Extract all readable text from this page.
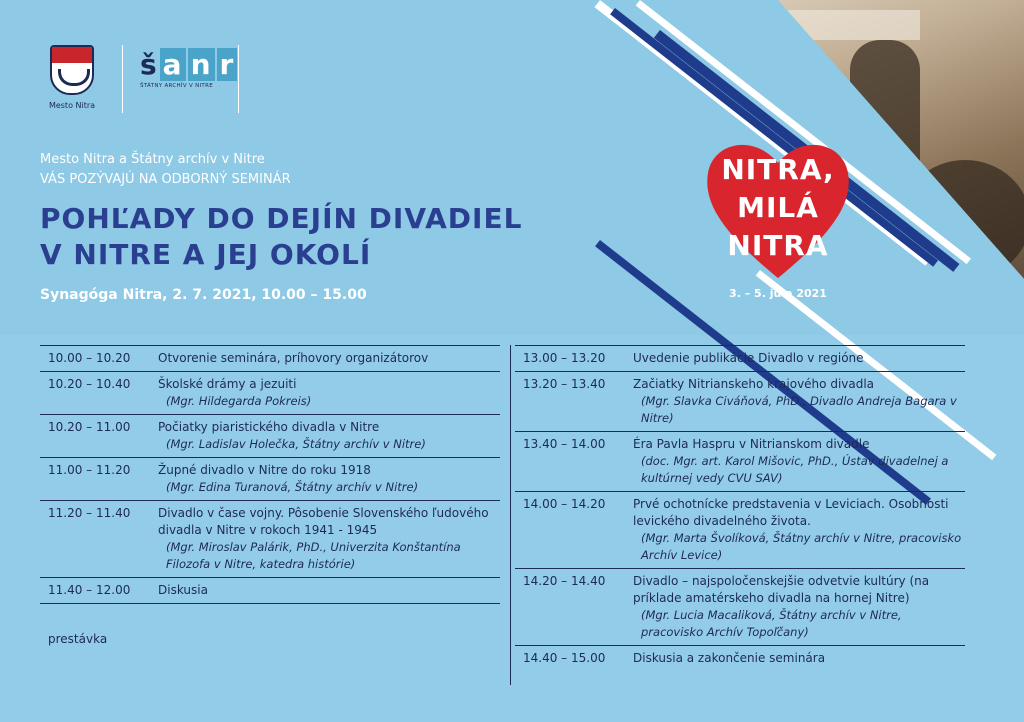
Mesto Nitra
š a n r
ŠTÁTNY ARCHÍV V NITRE
Mesto Nitra a Štátny archív v Nitre
VÁS POZÝVAJÚ NA ODBORNÝ SEMINÁR
POHĽADY DO DEJÍN DIVADIEL
V NITRE A JEJ OKOLÍ
Synagóga Nitra, 2. 7. 2021, 10.00 – 15.00
NITRA,
MILÁ
NITRA
3. – 5. júla 2021
10.00 – 10.20	Otvorenie seminára, príhovory organizátorov
10.20 – 10.40	Školské drámy a jezuiti
(Mgr. Hildegarda Pokreis)
10.20 – 11.00	Počiatky piaristického divadla v Nitre
(Mgr. Ladislav Holečka, Štátny archív v Nitre)
11.00 – 11.20	Župné divadlo v Nitre do roku 1918
(Mgr. Edina Turanová, Štátny archív v Nitre)
11.20 – 11.40	Divadlo v čase vojny. Pôsobenie Slovenského ľudového divadla v Nitre v rokoch 1941 - 1945
(Mgr. Miroslav Palárik, PhD., Univerzita Konštantína Filozofa v Nitre, katedra histórie)
11.40 – 12.00	Diskusia
prestávka
13.00 – 13.20	Uvedenie publikácie Divadlo v regióne
13.20 – 13.40	Začiatky Nitrianskeho krajového divadla
(Mgr. Slavka Civáňová, PhD., Divadlo Andreja Bagara v Nitre)
13.40 – 14.00	Éra Pavla Haspru v Nitrianskom divadle
(doc. Mgr. art. Karol Mišovic, PhD., Ústav divadelnej a kultúrnej vedy CVU SAV)
14.00 – 14.20	Prvé ochotnícke predstavenia v Leviciach. Osobnosti levického divadelného života.
(Mgr. Marta Švolíková, Štátny archív v Nitre, pracovisko Archív Levice)
14.20 – 14.40	Divadlo – najspoločenskejšie odvetvie kultúry (na príklade amatérskeho divadla na hornej Nitre)
(Mgr. Lucia Macaliková, Štátny archív v Nitre, pracovisko Archív Topoľčany)
14.40 – 15.00	Diskusia a zakončenie seminára
